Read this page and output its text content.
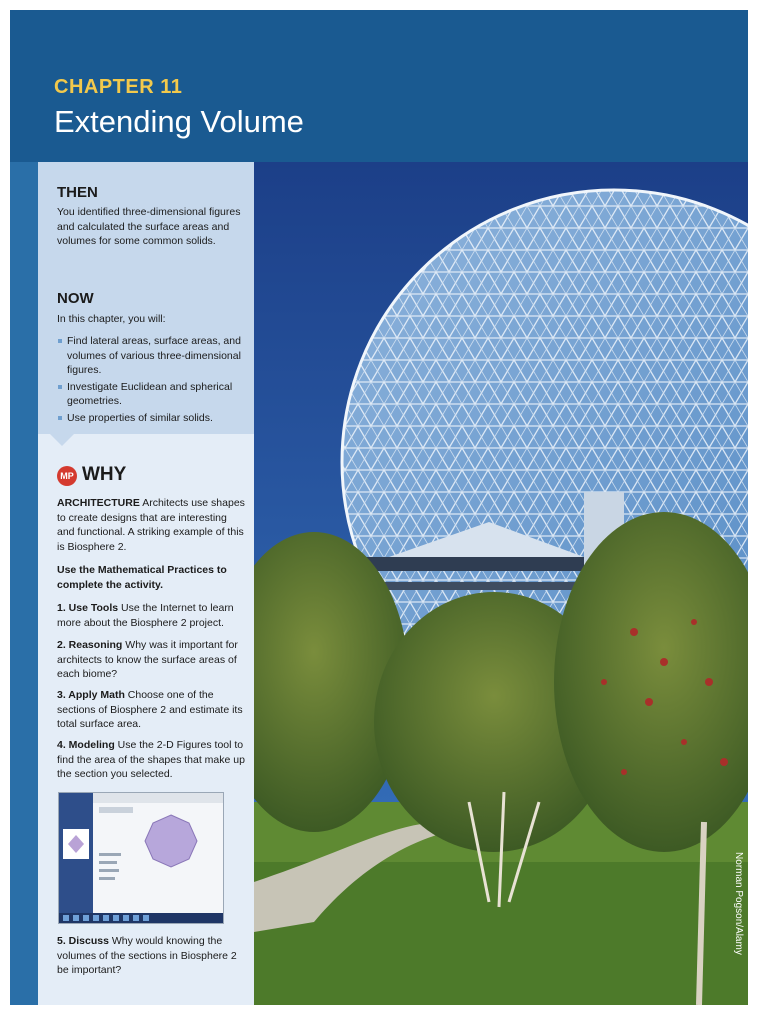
CHAPTER 11
Extending Volume
Norman Pogson/Alamy
THEN
You identified three-dimensional figures and calculated the surface areas and volumes for some common solids.
NOW
In this chapter, you will:
Find lateral areas, surface areas, and volumes of various three-dimensional figures.
Investigate Euclidean and spherical geometries.
Use properties of similar solids.
MP WHY
ARCHITECTURE Architects use shapes to create designs that are interesting and functional. A striking example of this is Biosphere 2.
Use the Mathematical Practices to complete the activity.
1. Use Tools Use the Internet to learn more about the Biosphere 2 project.
2. Reasoning Why was it important for architects to know the surface areas of each biome?
3. Apply Math Choose one of the sections of Biosphere 2 and estimate its total surface area.
4. Modeling Use the 2-D Figures tool to find the area of the shapes that make up the section you selected.
5. Discuss Why would knowing the volumes of the sections in Biosphere 2 be important?
